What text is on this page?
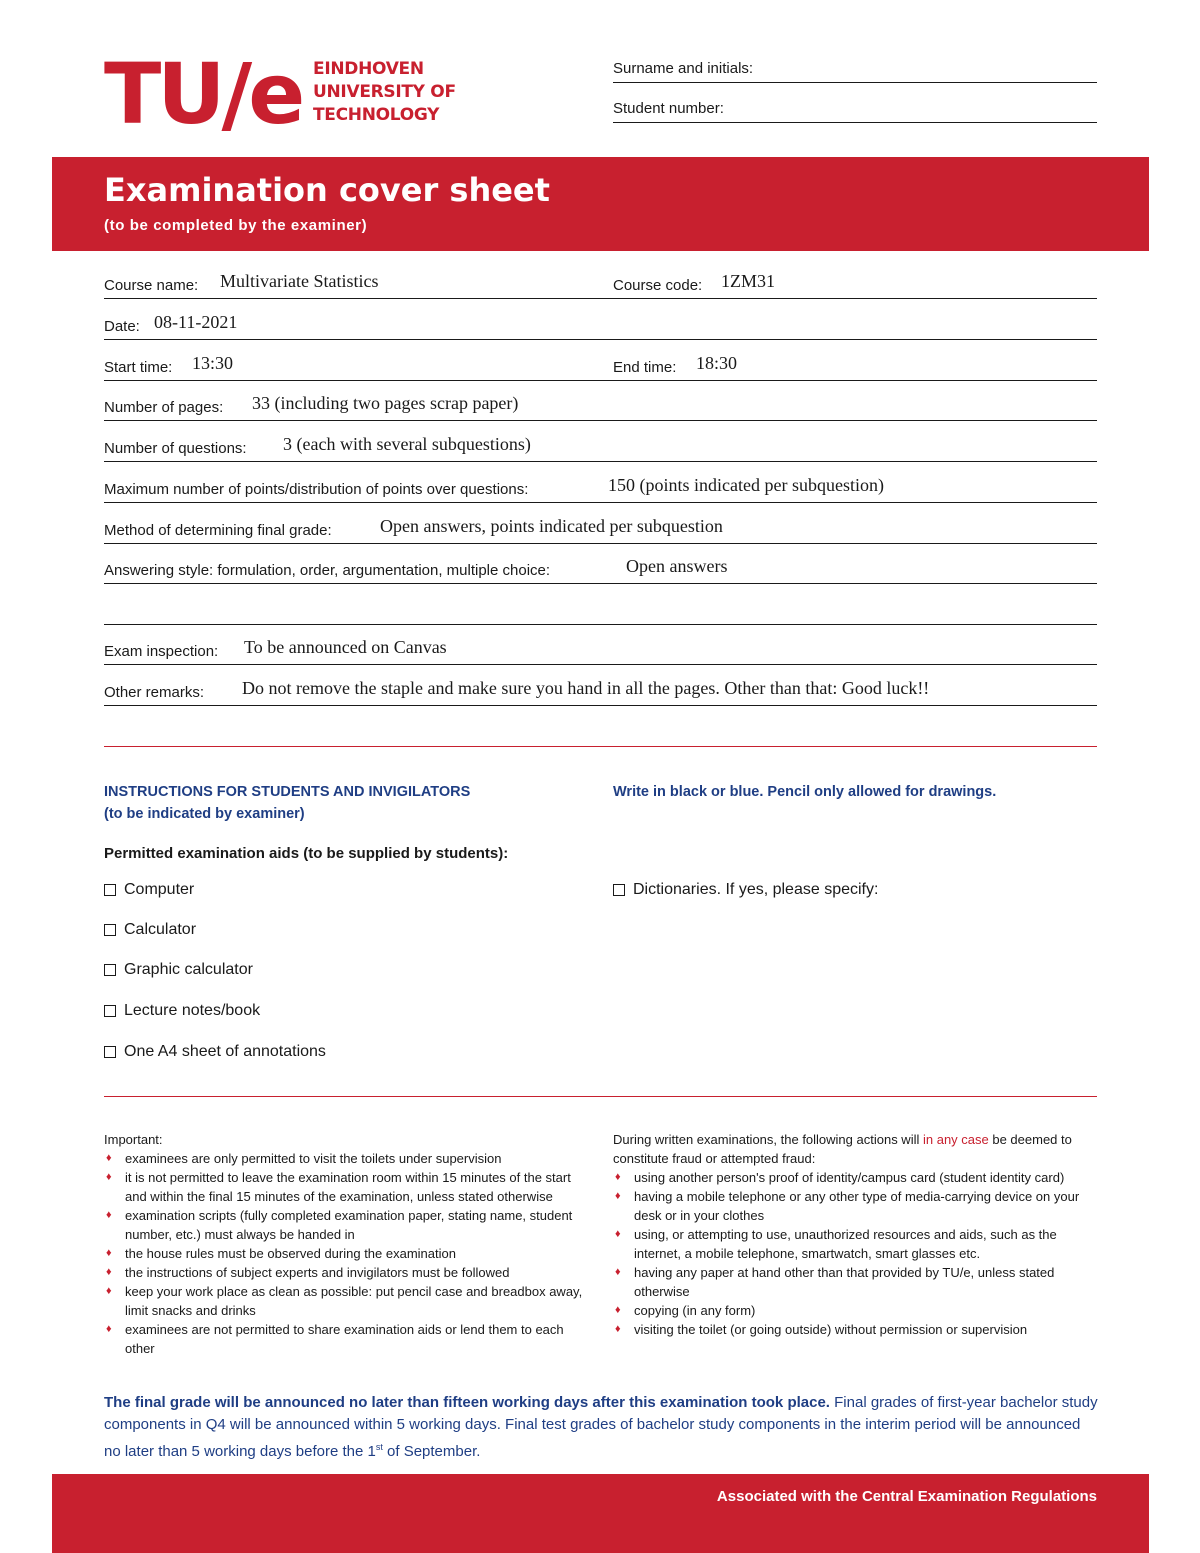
TU/e EINDHOVEN
UNIVERSITY OF
TECHNOLOGY
Surname and initials:
Student number:
Examination cover sheet
(to be completed by the examiner)
Course name: Multivariate Statistics	Course code: 1ZM31
Date: 08-11-2021
Start time: 13:30	End time: 18:30
Number of pages: 33 (including two pages scrap paper)
Number of questions: 3 (each with several subquestions)
Maximum number of points/distribution of points over questions:	150 (points indicated per subquestion)
Method of determining final grade:	Open answers, points indicated per subquestion
Answering style: formulation, order, argumentation, multiple choice:	Open answers
Exam inspection: To be announced on Canvas
Other remarks: Do not remove the staple and make sure you hand in all the pages. Other than that: Good luck!!
INSTRUCTIONS FOR STUDENTS AND INVIGILATORS
(to be indicated by examiner)
Write in black or blue. Pencil only allowed for drawings.
Permitted examination aids (to be supplied by students):
Computer
Calculator
Graphic calculator
Lecture notes/book
One A4 sheet of annotations
Dictionaries. If yes, please specify:
Important:
♦ examinees are only permitted to visit the toilets under supervision
♦ it is not permitted to leave the examination room within 15 minutes of the start and within the final 15 minutes of the examination, unless stated otherwise
♦ examination scripts (fully completed examination paper, stating name, student number, etc.) must always be handed in
♦ the house rules must be observed during the examination
♦ the instructions of subject experts and invigilators must be followed
♦ keep your work place as clean as possible: put pencil case and breadbox away, limit snacks and drinks
♦ examinees are not permitted to share examination aids or lend them to each other
During written examinations, the following actions will in any case be deemed to constitute fraud or attempted fraud:
♦ using another person's proof of identity/campus card (student identity card)
♦ having a mobile telephone or any other type of media-carrying device on your desk or in your clothes
♦ using, or attempting to use, unauthorized resources and aids, such as the internet, a mobile telephone, smartwatch, smart glasses etc.
♦ having any paper at hand other than that provided by TU/e, unless stated otherwise
♦ copying (in any form)
♦ visiting the toilet (or going outside) without permission or supervision
The final grade will be announced no later than fifteen working days after this examination took place. Final grades of first-year bachelor study components in Q4 will be announced within 5 working days. Final test grades of bachelor study components in the interim period will be announced no later than 5 working days before the 1st of September.
Associated with the Central Examination Regulations
